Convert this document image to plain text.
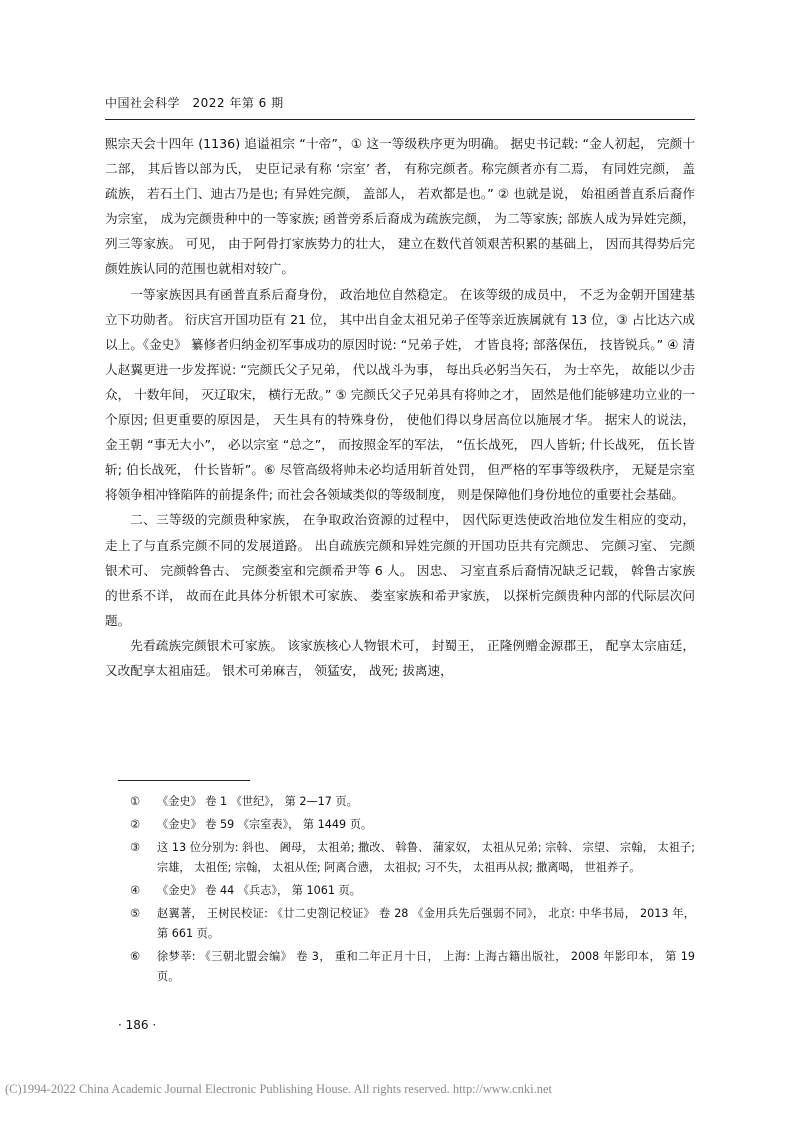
中国社会科学　2022 年第 6 期

熙宗天会十四年 (1136) 追谥祖宗 “十帝”，① 这一等级秩序更为明确。 据史书记载: “金人初起， 完颜十二部， 其后皆以部为氏， 史臣记录有称 ‘宗室’ 者， 有称完颜者。称完颜者亦有二焉， 有同姓完颜， 盖疏族， 若石土门、迪古乃是也; 有异姓完颜， 盖部人， 若欢都是也。” ② 也就是说， 始祖函普直系后裔作为宗室， 成为完颜贵种中的一等家族; 函普旁系后裔成为疏族完颜， 为二等家族; 部族人成为异姓完颜， 列三等家族。 可见， 由于阿骨打家族势力的壮大， 建立在数代首领艰苦积累的基础上， 因而其得势后完颜姓族认同的范围也就相对较广。

一等家族因具有函普直系后裔身份， 政治地位自然稳定。 在该等级的成员中， 不乏为金朝开国建基立下功勋者。 衍庆宫开国功臣有 21 位， 其中出自金太祖兄弟子侄等亲近族属就有 13 位，③ 占比达六成以上。《金史》 纂修者归纳金初军事成功的原因时说: “兄弟子姓， 才皆良将; 部落保伍， 技皆锐兵。” ④ 清人赵翼更进一步发挥说: “完颜氏父子兄弟， 代以战斗为事， 每出兵必躬当矢石， 为士卒先， 故能以少击众， 十数年间， 灭辽取宋， 横行无敌。” ⑤ 完颜氏父子兄弟具有将帅之才， 固然是他们能够建功立业的一个原因; 但更重要的原因是， 天生具有的特殊身份， 使他们得以身居高位以施展才华。 据宋人的说法， 金王朝 “事无大小”， 必以宗室 “总之”， 而按照金军的军法， “伍长战死， 四人皆斩; 什长战死， 伍长皆斩; 伯长战死， 什长皆斩”。⑥ 尽管高级将帅未必均适用斩首处罚， 但严格的军事等级秩序， 无疑是宗室将领争相冲锋陷阵的前提条件; 而社会各领域类似的等级制度， 则是保障他们身份地位的重要社会基础。

二、三等级的完颜贵种家族， 在争取政治资源的过程中， 因代际更迭使政治地位发生相应的变动， 走上了与直系完颜不同的发展道路。 出自疏族完颜和异姓完颜的开国功臣共有完颜忠、 完颜习室、 完颜银术可、 完颜斡鲁古、 完颜娄室和完颜希尹等 6 人。 因忠、 习室直系后裔情况缺乏记载， 斡鲁古家族的世系不详， 故而在此具体分析银术可家族、 娄室家族和希尹家族， 以探析完颜贵种内部的代际层次问题。

先看疏族完颜银术可家族。 该家族核心人物银术可， 封蜀王， 正隆例赠金源郡王， 配享太宗庙廷， 又改配享太祖庙廷。 银术可弟麻吉， 领猛安， 战死; 拔离速，

①	《金史》 卷 1 《世纪》， 第 2—17 页。
②	《金史》 卷 59 《宗室表》， 第 1449 页。
③	这 13 位分别为: 斜也、 阇母， 太祖弟; 撒改、 斡鲁、 蒲家奴， 太祖从兄弟; 宗斡、 宗望、 宗翰， 太祖子; 宗雄， 太祖侄; 宗翰， 太祖从侄; 阿离合懑， 太祖叔; 习不失， 太祖再从叔; 撒离喝， 世祖养子。
④	《金史》 卷 44 《兵志》， 第 1061 页。
⑤	赵翼著， 王树民校证: 《廿二史劄记校证》 卷 28 《金用兵先后强弱不同》， 北京: 中华书局， 2013 年， 第 661 页。
⑥	徐梦莘: 《三朝北盟会编》 卷 3， 重和二年正月十日， 上海: 上海古籍出版社， 2008 年影印本， 第 19 页。
· 186 ·
(C)1994-2022 China Academic Journal Electronic Publishing House. All rights reserved. http://www.cnki.net
